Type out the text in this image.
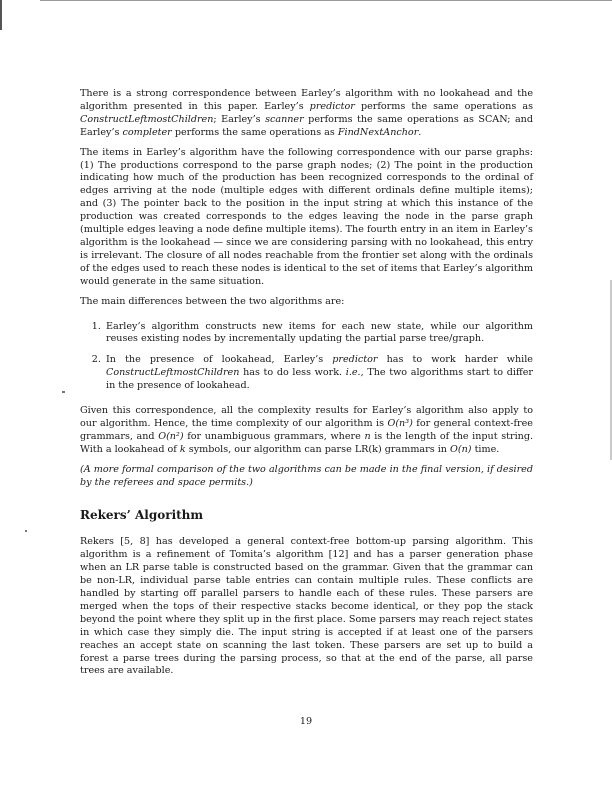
There is a strong correspondence between Earley’s algorithm with no lookahead and the algorithm presented in this paper. Earley’s predictor performs the same operations as ConstructLeftmostChildren; Earley’s scanner performs the same operations as SCAN; and Earley’s completer performs the same operations as FindNextAnchor.

The items in Earley’s algorithm have the following correspondence with our parse graphs: (1) The productions correspond to the parse graph nodes; (2) The point in the production indicating how much of the production has been recognized corresponds to the ordinal of edges arriving at the node (multiple edges with different ordinals define multiple items); and (3) The pointer back to the position in the input string at which this instance of the production was created corresponds to the edges leaving the node in the parse graph (multiple edges leaving a node define multiple items). The fourth entry in an item in Earley’s algorithm is the lookahead — since we are considering parsing with no lookahead, this entry is irrelevant. The closure of all nodes reachable from the frontier set along with the ordinals of the edges used to reach these nodes is identical to the set of items that Earley’s algorithm would generate in the same situation.

The main differences between the two algorithms are:

1. Earley’s algorithm constructs new items for each new state, while our algorithm reuses existing nodes by incrementally updating the partial parse tree/graph.
2. In the presence of lookahead, Earley’s predictor has to work harder while ConstructLeftmostChildren has to do less work. i.e., The two algorithms start to differ in the presence of lookahead.

Given this correspondence, all the complexity results for Earley’s algorithm also apply to our algorithm. Hence, the time complexity of our algorithm is O(n³) for general context-free grammars, and O(n²) for unambiguous grammars, where n is the length of the input string. With a lookahead of k symbols, our algorithm can parse LR(k) grammars in O(n) time.

(A more formal comparison of the two algorithms can be made in the final version, if desired by the referees and space permits.)

Rekers’ Algorithm

Rekers [5, 8] has developed a general context-free bottom-up parsing algorithm. This algorithm is a refinement of Tomita’s algorithm [12] and has a parser generation phase when an LR parse table is constructed based on the grammar. Given that the grammar can be non-LR, individual parse table entries can contain multiple rules. These conflicts are handled by starting off parallel parsers to handle each of these rules. These parsers are merged when the tops of their respective stacks become identical, or they pop the stack beyond the point where they split up in the first place. Some parsers may reach reject states in which case they simply die. The input string is accepted if at least one of the parsers reaches an accept state on scanning the last token. These parsers are set up to build a forest a parse trees during the parsing process, so that at the end of the parse, all parse trees are available.

19
